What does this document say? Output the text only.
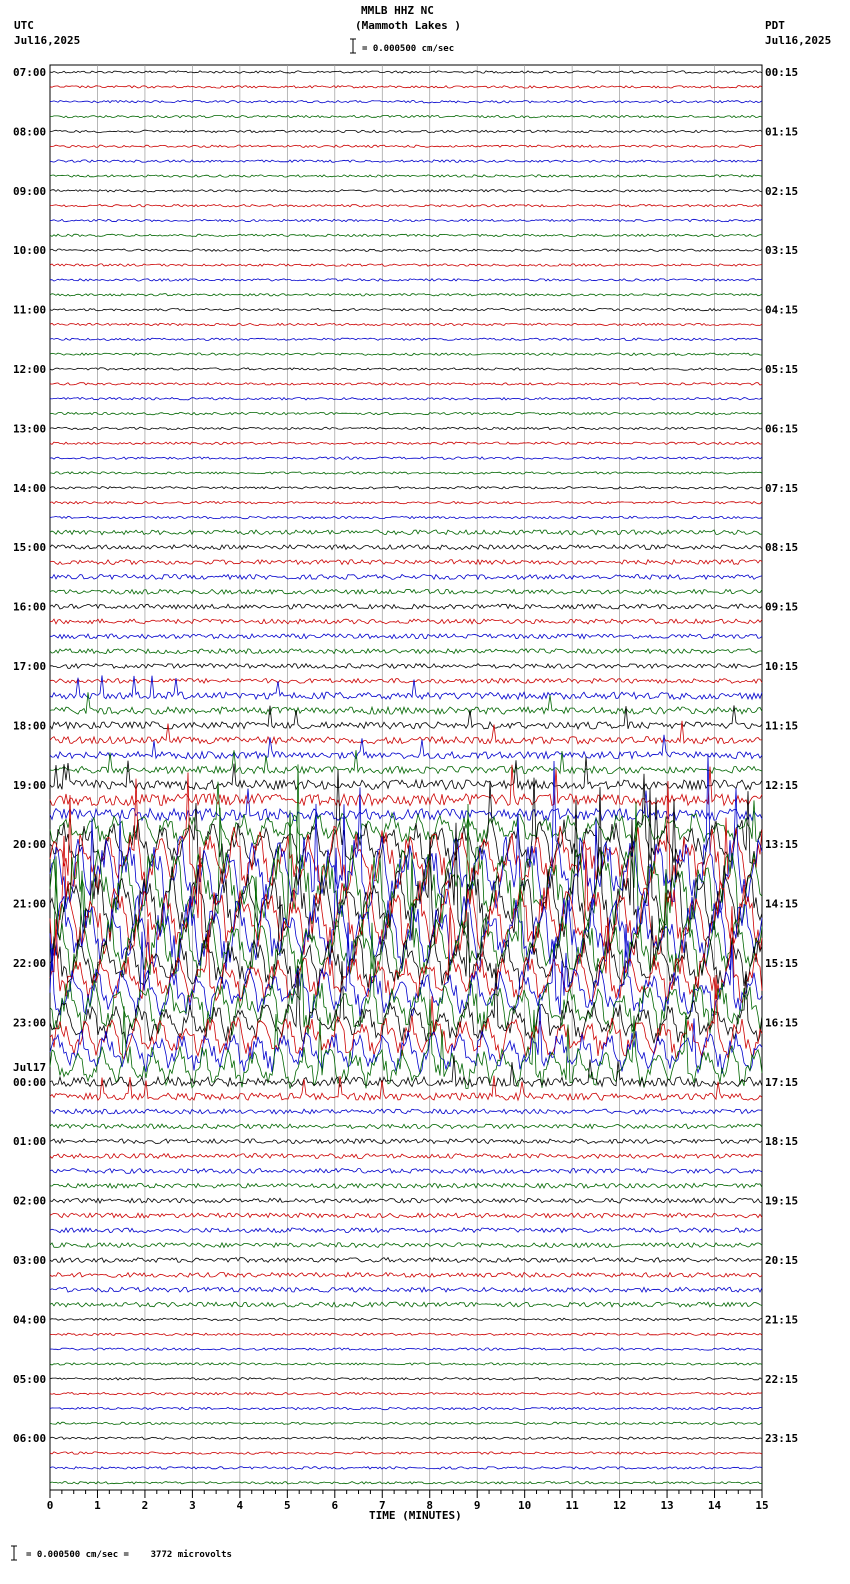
07:00
08:00
09:00
10:00
11:00
12:00
13:00
14:00
15:00
16:00
17:00
18:00
19:00
20:00
21:00
22:00
23:00
00:00
01:00
02:00
03:00
04:00
05:00
06:00
00:15
01:15
02:15
03:15
04:15
05:15
06:15
07:15
08:15
09:15
10:15
11:15
12:15
13:15
14:15
15:15
16:15
17:15
18:15
19:15
20:15
21:15
22:15
23:15
Jul17
0	1	2	3	4	5	6	7	8	9	10	11	12	13	14	15
MMLB HHZ NC
(Mammoth Lakes )
= 0.000500 cm/sec
UTC
Jul16,2025
PDT
Jul16,2025
TIME (MINUTES)
= 0.000500 cm/sec =    3772 microvolts
